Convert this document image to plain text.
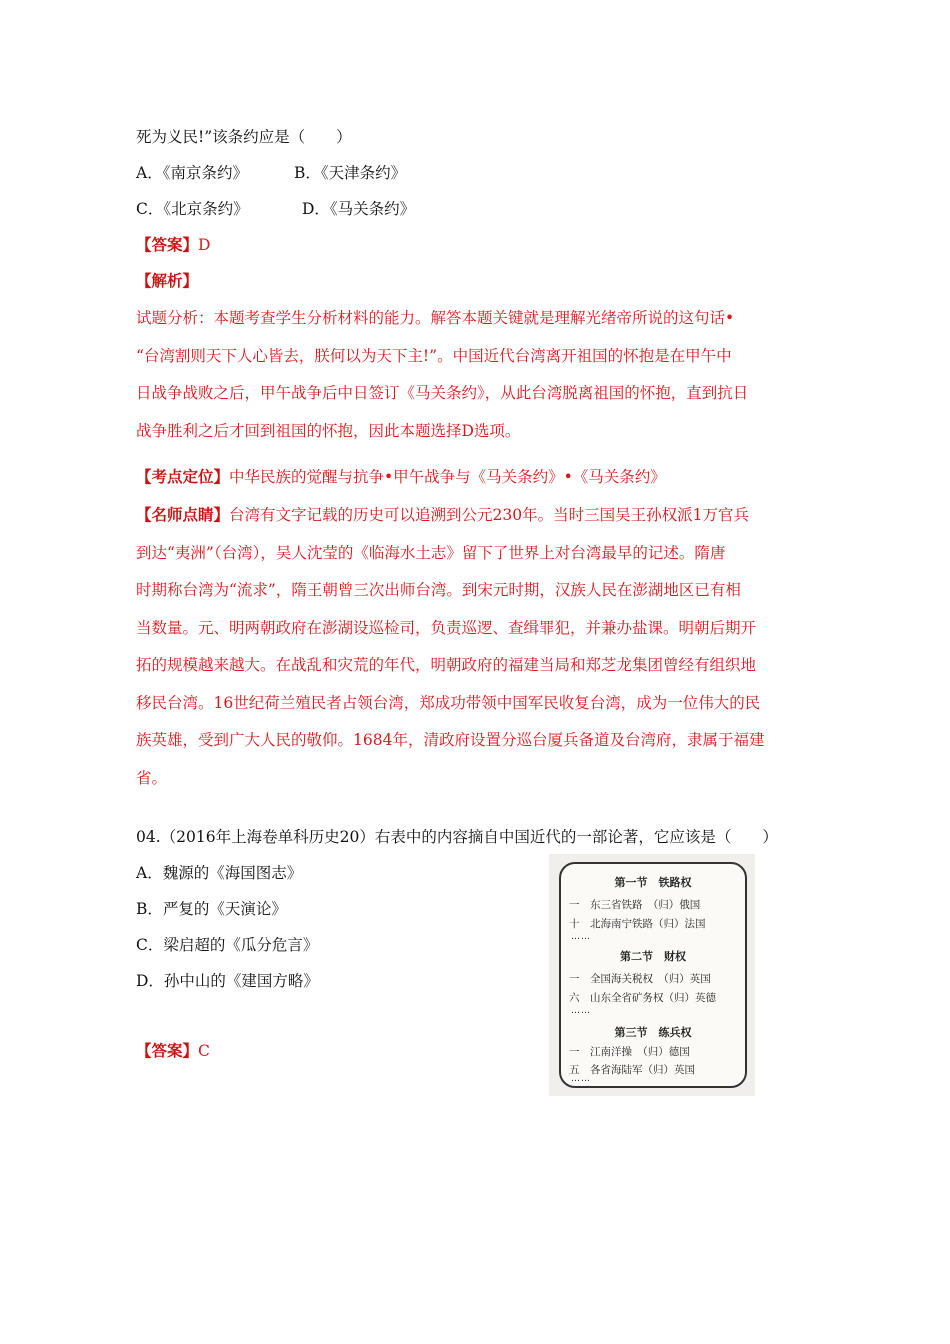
死为义民!”该条约应是（　　）
A．《南京条约》	B．《天津条约》
C．《北京条约》	D．《马关条约》
【答案】D
【解析】
试题分析：本题考查学生分析材料的能力。解答本题关键就是理解光绪帝所说的这句话•
“台湾割则天下人心皆去，朕何以为天下主!”。中国近代台湾离开祖国的怀抱是在甲午中
日战争战败之后，甲午战争后中日签订《马关条约》，从此台湾脱离祖国的怀抱，直到抗日
战争胜利之后才回到祖国的怀抱，因此本题选择D选项。
【考点定位】中华民族的觉醒与抗争•甲午战争与《马关条约》•《马关条约》
【名师点睛】台湾有文字记载的历史可以追溯到公元230年。当时三国吴王孙权派1万官兵
到达“夷洲”（台湾），吴人沈莹的《临海水土志》留下了世界上对台湾最早的记述。隋唐
时期称台湾为“流求”，隋王朝曾三次出师台湾。到宋元时期，汉族人民在澎湖地区已有相
当数量。元、明两朝政府在澎湖设巡检司，负责巡逻、查缉罪犯，并兼办盐课。明朝后期开
拓的规模越来越大。在战乱和灾荒的年代，明朝政府的福建当局和郑芝龙集团曾经有组织地
移民台湾。16世纪荷兰殖民者占领台湾，郑成功带领中国军民收复台湾，成为一位伟大的民
族英雄，受到广大人民的敬仰。1684年，清政府设置分巡台厦兵备道及台湾府，隶属于福建
省。
04.（2016年上海卷单科历史20）右表中的内容摘自中国近代的一部论著，它应该是（　　）
A．魏源的《海国图志》
B．严复的《天演论》
C．梁启超的《瓜分危言》
D．孙中山的《建国方略》
【答案】C
第一节　铁路权
一　东三省铁路　（归）俄国
十　北海南宁铁路（归）法国
……
第二节　财权
一　全国海关税权　（归）英国
六　山东全省矿务权（归）英德
……
第三节　练兵权
一　江南洋操　（归）德国
五　各省海陆军（归）英国
……
